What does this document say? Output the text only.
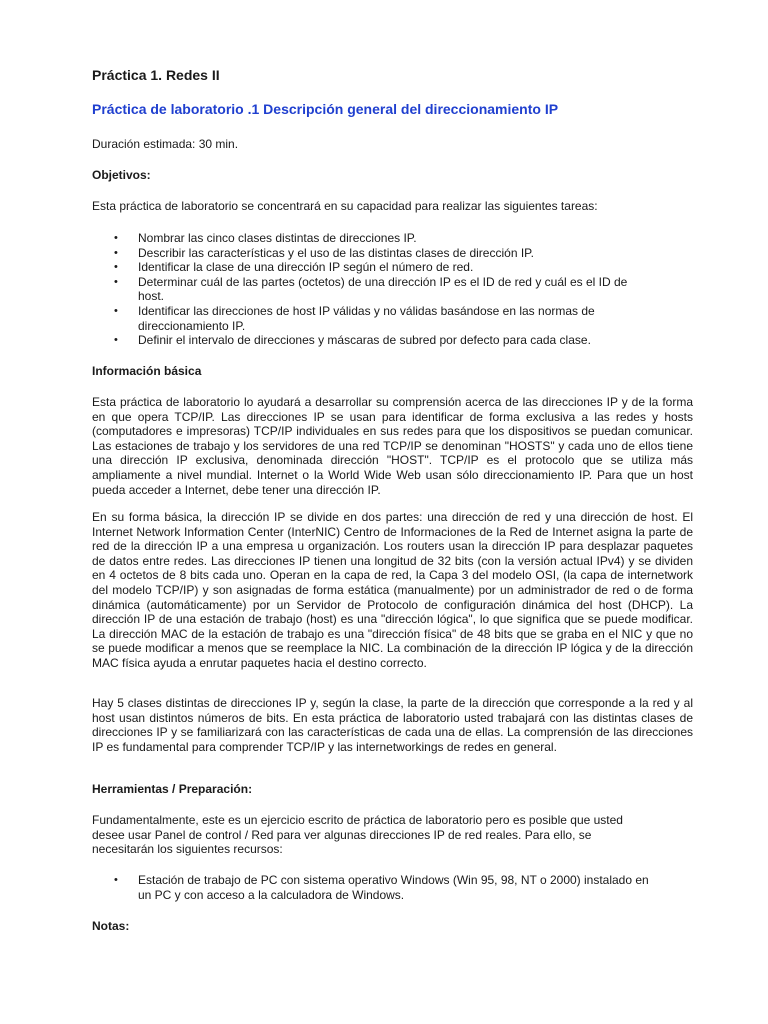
Práctica 1. Redes II
Práctica de laboratorio .1 Descripción general del direccionamiento IP
Duración estimada: 30 min.
Objetivos:
Esta práctica de laboratorio se concentrará en su capacidad para realizar las siguientes tareas:
• Nombrar las cinco clases distintas de direcciones IP.
• Describir las características y el uso de las distintas clases de dirección IP.
• Identificar la clase de una dirección IP según el número de red.
• Determinar cuál de las partes (octetos) de una dirección IP es el ID de red y cuál es el ID de host.
• Identificar las direcciones de host IP válidas y no válidas basándose en las normas de direccionamiento IP.
• Definir el intervalo de direcciones y máscaras de subred por defecto para cada clase.
Información básica
Esta práctica de laboratorio lo ayudará a desarrollar su comprensión acerca de las direcciones IP y de la forma en que opera TCP/IP. Las direcciones IP se usan para identificar de forma exclusiva a las redes y hosts (computadores e impresoras) TCP/IP individuales en sus redes para que los dispositivos se puedan comunicar. Las estaciones de trabajo y los servidores de una red TCP/IP se denominan "HOSTS" y cada uno de ellos tiene una dirección IP exclusiva, denominada dirección "HOST". TCP/IP es el protocolo que se utiliza más ampliamente a nivel mundial. Internet o la World Wide Web usan sólo direccionamiento IP. Para que un host pueda acceder a Internet, debe tener una dirección IP.
En su forma básica, la dirección IP se divide en dos partes: una dirección de red y una dirección de host. El Internet Network Information Center (InterNIC) Centro de Informaciones de la Red de Internet asigna la parte de red de la dirección IP a una empresa u organización. Los routers usan la dirección IP para desplazar paquetes de datos entre redes. Las direcciones IP tienen una longitud de 32 bits (con la versión actual IPv4) y se dividen en 4 octetos de 8 bits cada uno. Operan en la capa de red, la Capa 3 del modelo OSI, (la capa de internetwork del modelo TCP/IP) y son asignadas de forma estática (manualmente) por un administrador de red o de forma dinámica (automáticamente) por un Servidor de Protocolo de configuración dinámica del host (DHCP). La dirección IP de una estación de trabajo (host) es una "dirección lógica", lo que significa que se puede modificar. La dirección MAC de la estación de trabajo es una "dirección física" de 48 bits que se graba en el NIC y que no se puede modificar a menos que se reemplace la NIC. La combinación de la dirección IP lógica y de la dirección MAC física ayuda a enrutar paquetes hacia el destino correcto.
Hay 5 clases distintas de direcciones IP y, según la clase, la parte de la dirección que corresponde a la red y al host usan distintos números de bits. En esta práctica de laboratorio usted trabajará con las distintas clases de direcciones IP y se familiarizará con las características de cada una de ellas. La comprensión de las direcciones IP es fundamental para comprender TCP/IP y las internetworkings de redes en general.
Herramientas / Preparación:
Fundamentalmente, este es un ejercicio escrito de práctica de laboratorio pero es posible que usted desee usar Panel de control / Red para ver algunas direcciones IP de red reales. Para ello, se necesitarán los siguientes recursos:
• Estación de trabajo de PC con sistema operativo Windows (Win 95, 98, NT o 2000) instalado en un PC y con acceso a la calculadora de Windows.
Notas:
